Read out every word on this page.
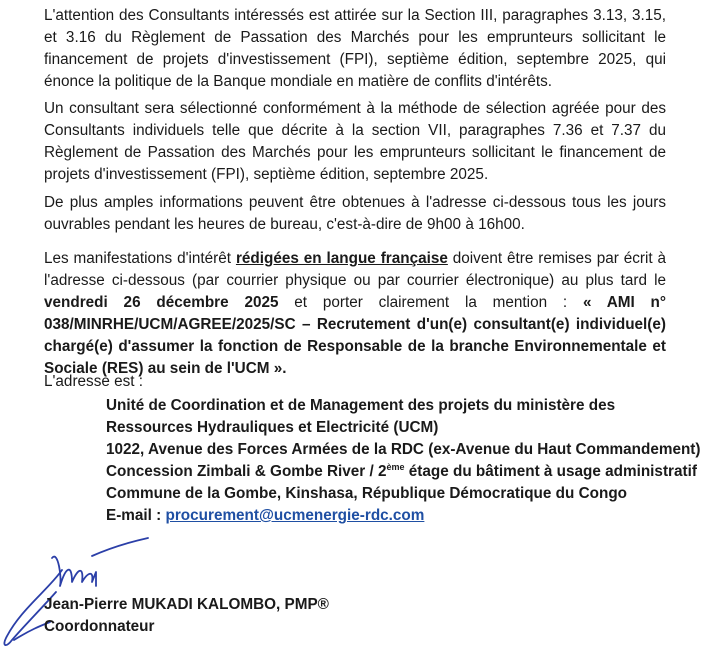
L'attention des Consultants intéressés est attirée sur la Section III, paragraphes 3.13, 3.15, et 3.16 du Règlement de Passation des Marchés pour les emprunteurs sollicitant le financement de projets d'investissement (FPI), septième édition, septembre 2025, qui énonce la politique de la Banque mondiale en matière de conflits d'intérêts.

Un consultant sera sélectionné conformément à la méthode de sélection agréée pour des Consultants individuels telle que décrite à la section VII, paragraphes 7.36 et 7.37 du Règlement de Passation des Marchés pour les emprunteurs sollicitant le financement de projets d'investissement (FPI), septième édition, septembre 2025.

De plus amples informations peuvent être obtenues à l'adresse ci-dessous tous les jours ouvrables pendant les heures de bureau, c'est-à-dire de 9h00 à 16h00.

Les manifestations d'intérêt rédigées en langue française doivent être remises par écrit à l'adresse ci-dessous (par courrier physique ou par courrier électronique) au plus tard le vendredi 26 décembre 2025 et porter clairement la mention : « AMI n° 038/MINRHE/UCM/AGREE/2025/SC – Recrutement d'un(e) consultant(e) individuel(e) chargé(e) d'assumer la fonction de Responsable de la branche Environnementale et Sociale (RES) au sein de l'UCM ».

L'adresse est :

Unité de Coordination et de Management des projets du ministère des Ressources Hydrauliques et Electricité (UCM)
1022, Avenue des Forces Armées de la RDC (ex-Avenue du Haut Commandement)
Concession Zimbali & Gombe River / 2ème étage du bâtiment à usage administratif
Commune de la Gombe, Kinshasa, République Démocratique du Congo
E-mail : procurement@ucmenergie-rdc.com
Jean-Pierre MUKADI KALOMBO, PMP®
Coordonnateur
